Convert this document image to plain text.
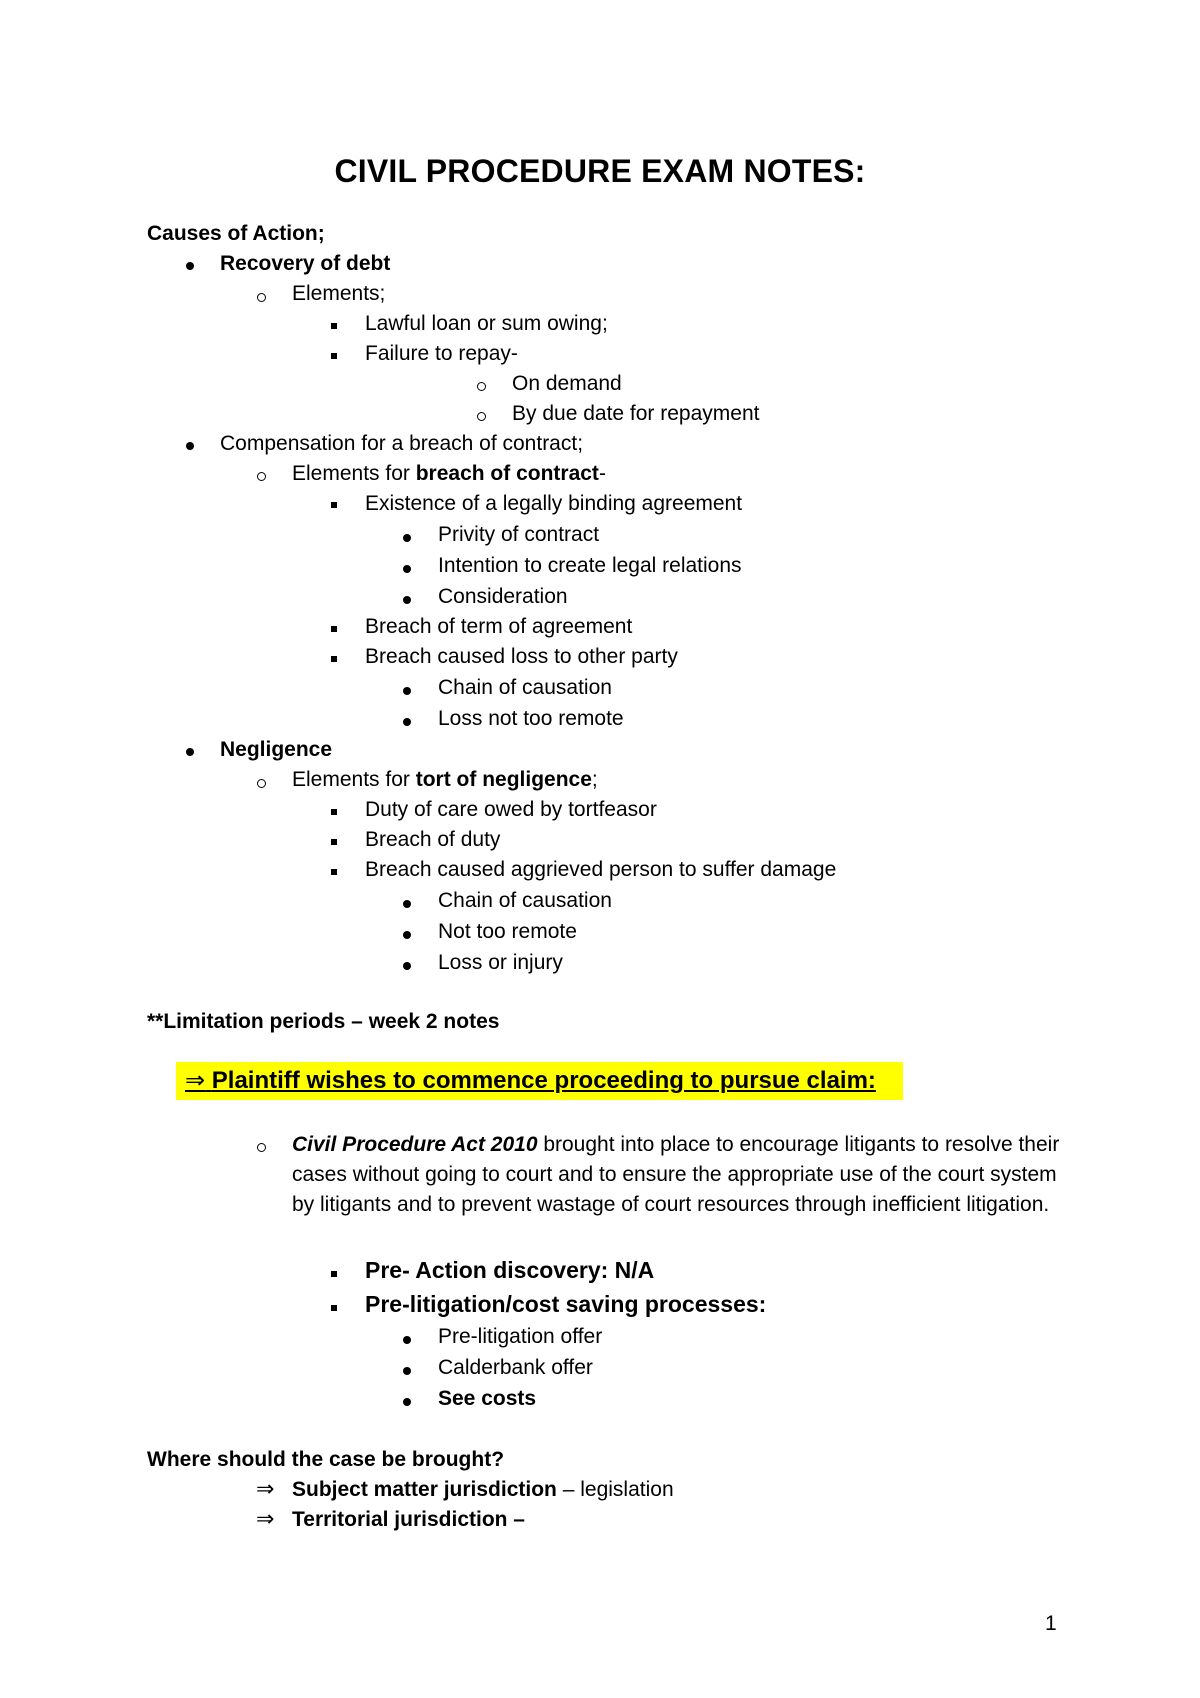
CIVIL PROCEDURE EXAM NOTES:
Causes of Action;
Recovery of debt
Elements;
Lawful loan or sum owing;
Failure to repay-
On demand
By due date for repayment
Compensation for a breach of contract;
Elements for breach of contract-
Existence of a legally binding agreement
Privity of contract
Intention to create legal relations
Consideration
Breach of term of agreement
Breach caused loss to other party
Chain of causation
Loss not too remote
Negligence
Elements for tort of negligence;
Duty of care owed by tortfeasor
Breach of duty
Breach caused aggrieved person to suffer damage
Chain of causation
Not too remote
Loss or injury
**Limitation periods – week 2 notes
⇒ Plaintiff wishes to commence proceeding to pursue claim:
Civil Procedure Act 2010 brought into place to encourage litigants to resolve their cases without going to court and to ensure the appropriate use of the court system by litigants and to prevent wastage of court resources through inefficient litigation.
Pre- Action discovery: N/A
Pre-litigation/cost saving processes:
Pre-litigation offer
Calderbank offer
See costs
Where should the case be brought?
⇒ Subject matter jurisdiction – legislation
⇒ Territorial jurisdiction –
1
